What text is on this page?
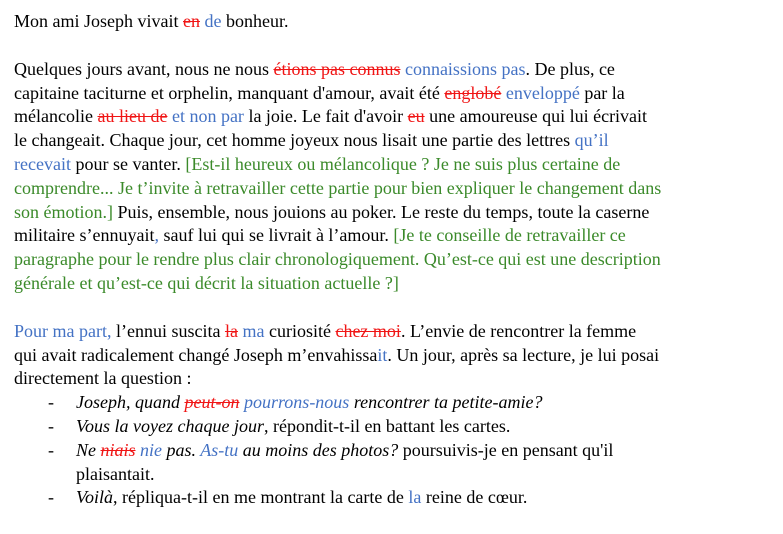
Mon ami Joseph vivait en de bonheur.
Quelques jours avant, nous ne nous étions pas connus connaissions pas. De plus, ce
capitaine taciturne et orphelin, manquant d'amour, avait été englobé enveloppé par la
mélancolie au lieu de et non par la joie. Le fait d'avoir eu une amoureuse qui lui écrivait
le changeait. Chaque jour, cet homme joyeux nous lisait une partie des lettres qu’il
recevait pour se vanter. [Est-il heureux ou mélancolique ? Je ne suis plus certaine de
comprendre... Je t’invite à retravailler cette partie pour bien expliquer le changement dans
son émotion.] Puis, ensemble, nous jouions au poker. Le reste du temps, toute la caserne
militaire s’ennuyait, sauf lui qui se livrait à l’amour. [Je te conseille de retravailler ce
paragraphe pour le rendre plus clair chronologiquement. Qu’est-ce qui est une description
générale et qu’est-ce qui décrit la situation actuelle ?]
Pour ma part, l’ennui suscita la ma curiosité chez moi. L’envie de rencontrer la femme
qui avait radicalement changé Joseph m’envahissait. Un jour, après sa lecture, je lui posai
directement la question :
- Joseph, quand peut-on pourrons-nous rencontrer ta petite-amie?
- Vous la voyez chaque jour, répondit-t-il en battant les cartes.
- Ne niais nie pas. As-tu au moins des photos? poursuivis-je en pensant qu'il
plaisantait.
- Voilà, répliqua-t-il en me montrant la carte de la reine de cœur.
